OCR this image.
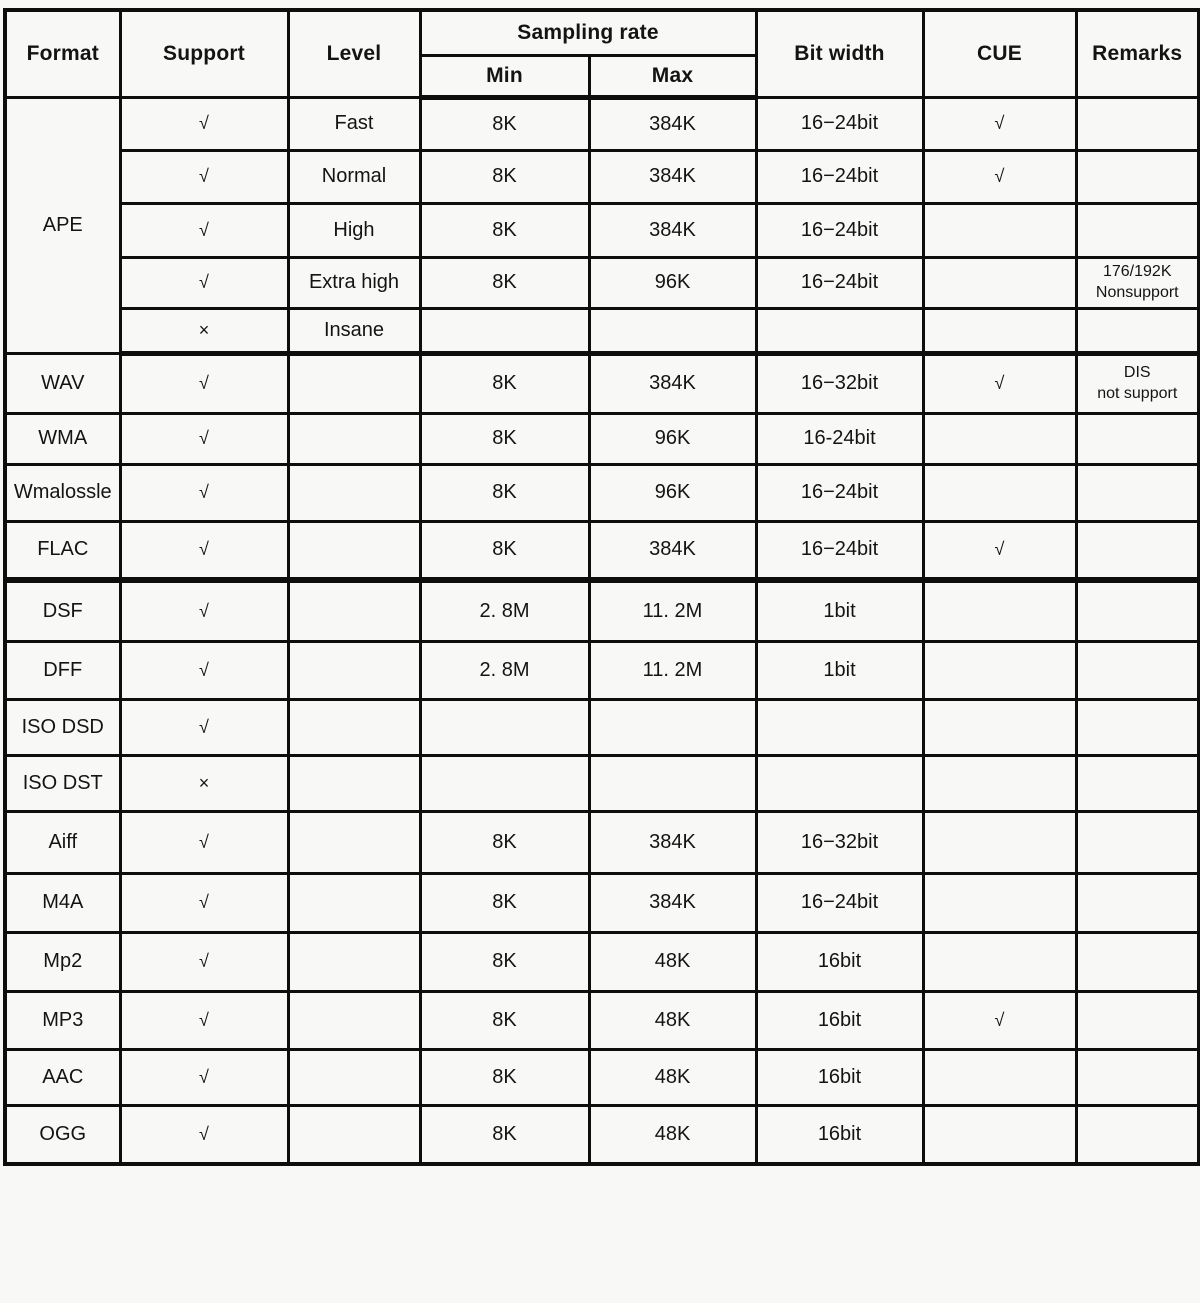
Format	Support	Level	Sampling rate		Bit width	CUE	Remarks
			Min	Max			
APE	√	Fast	8K	384K	16−24bit	√	

	√	Normal	8K	384K	16−24bit	√	

	√	High	8K	384K	16−24bit		

	√	Extra high	8K	96K	16−24bit		176/192K
Nonsupport

	×	Insane					

WAV	√		8K	384K	16−32bit	√	DIS
not support

WMA	√		8K	96K	16-24bit		

Wmalossle	√		8K	96K	16−24bit		

FLAC	√		8K	384K	16−24bit	√	

DSF	√		2. 8M	11. 2M	1bit		

DFF	√		2. 8M	11. 2M	1bit		

ISO DSD	√						

ISO DST	×						

Aiff	√		8K	384K	16−32bit		

M4A	√		8K	384K	16−24bit		

Mp2	√		8K	48K	16bit		

MP3	√		8K	48K	16bit	√	

AAC	√		8K	48K	16bit		

OGG	√		8K	48K	16bit		
